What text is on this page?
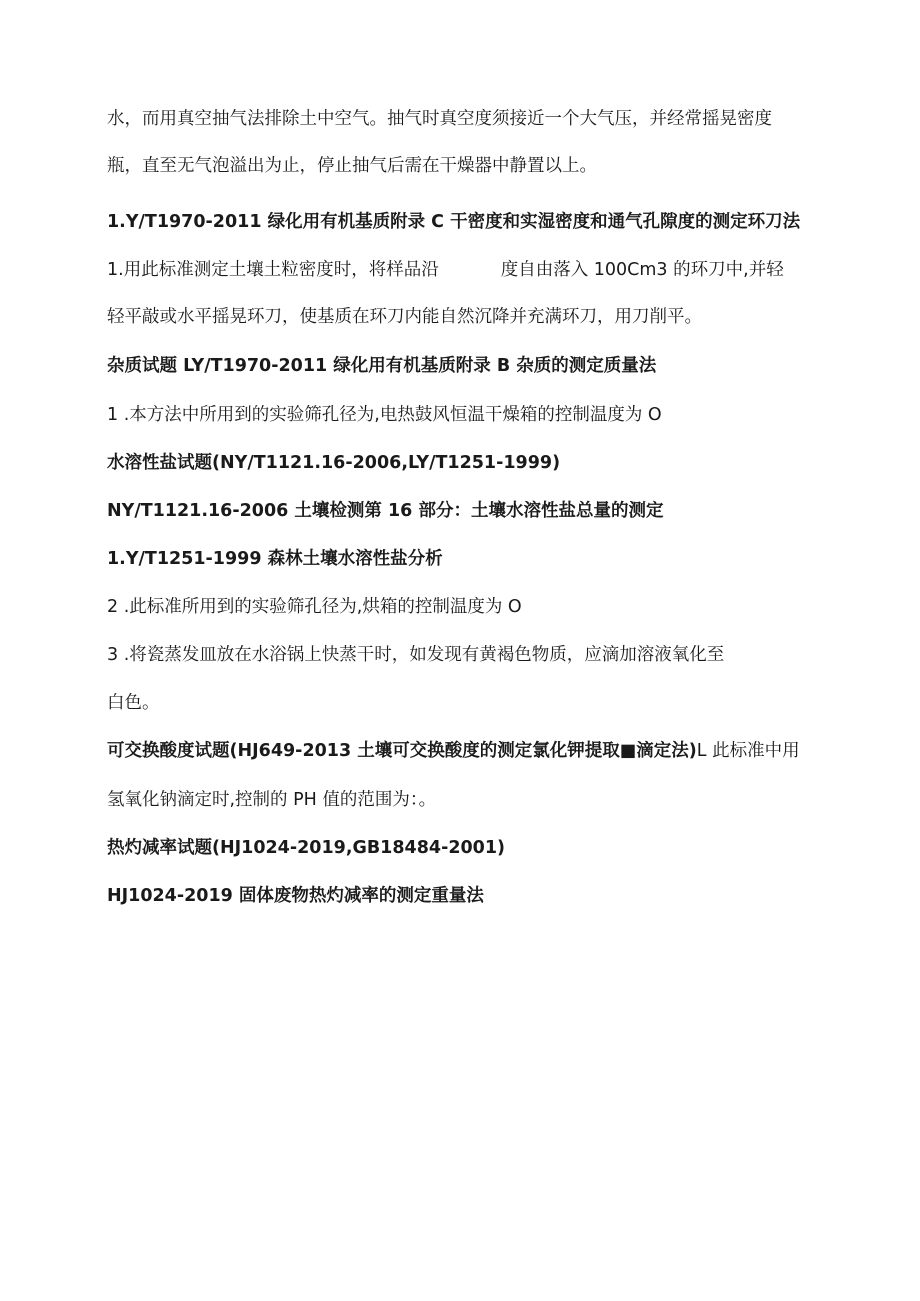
水，而用真空抽气法排除土中空气。抽气时真空度须接近一个大气压，并经常摇晃密度
瓶，直至无气泡溢出为止，停止抽气后需在干燥器中静置以上。
1.Y/T1970-2011 绿化用有机基质附录 C 干密度和实湿密度和通气孔隙度的测定环刀法
1.用此标准测定土壤土粒密度时，将样品沿	度自由落入 100Cm3 的环刀中,并轻
轻平敲或水平摇晃环刀，使基质在环刀内能自然沉降并充满环刀，用刀削平。
杂质试题 LY/T1970-2011 绿化用有机基质附录 B 杂质的测定质量法
1 .本方法中所用到的实验筛孔径为,电热鼓风恒温干燥箱的控制温度为 O
水溶性盐试题(NY/T1121.16-2006,LY/T1251-1999)
NY/T1121.16-2006 土壤检测第 16 部分：土壤水溶性盐总量的测定
1.Y/T1251-1999 森林土壤水溶性盐分析
2 .此标准所用到的实验筛孔径为,烘箱的控制温度为 O
3 .将瓷蒸发皿放在水浴锅上快蒸干时，如发现有黄褐色物质，应滴加溶液氧化至
白色。
可交换酸度试题(HJ649-2013 土壤可交换酸度的测定氯化钾提取■滴定法)L 此标准中用
氢氧化钠滴定时,控制的 PH 值的范围为：。
热灼减率试题(HJ1024-2019,GB18484-2001)
HJ1024-2019 固体废物热灼减率的测定重量法
